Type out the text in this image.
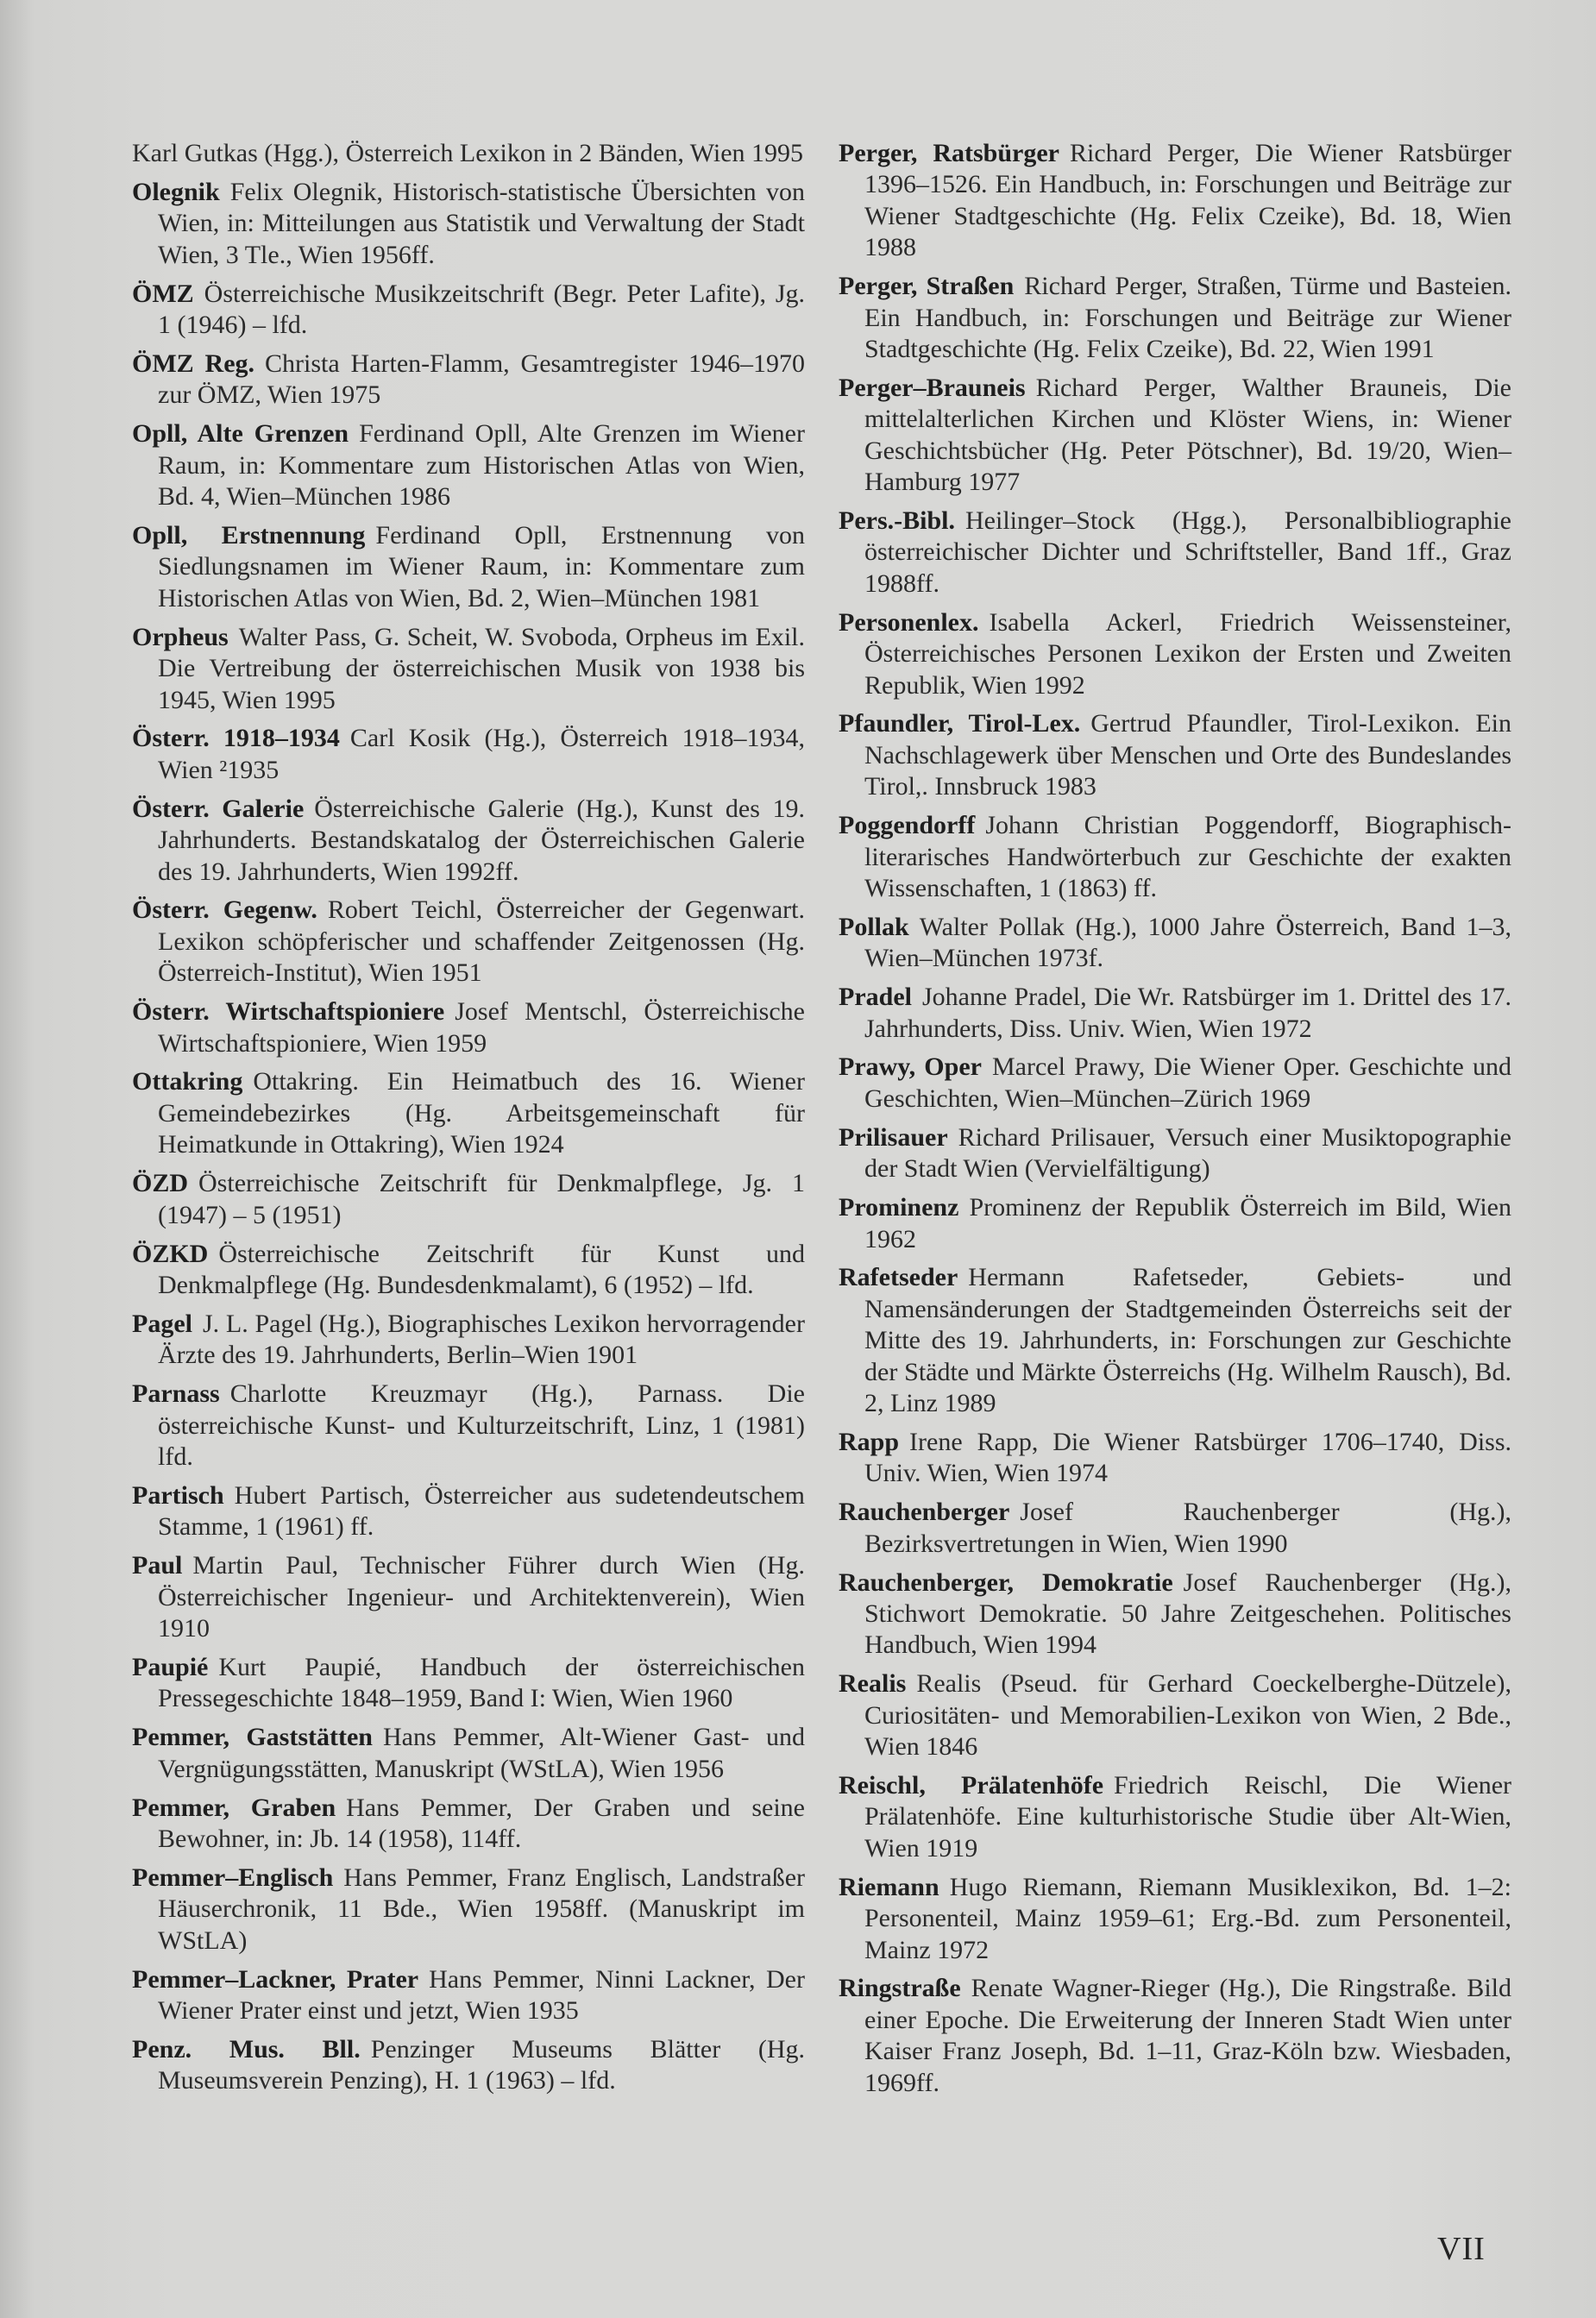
Karl Gutkas (Hgg.), Österreich Lexikon in 2 Bänden, Wien 1995

Olegnik Felix Olegnik, Historisch-statistische Übersichten von Wien, in: Mitteilungen aus Statistik und Verwaltung der Stadt Wien, 3 Tle., Wien 1956ff.

ÖMZ Österreichische Musikzeitschrift (Begr. Peter Lafite), Jg. 1 (1946) – lfd.

ÖMZ Reg. Christa Harten-Flamm, Gesamtregister 1946–1970 zur ÖMZ, Wien 1975

Opll, Alte Grenzen Ferdinand Opll, Alte Grenzen im Wiener Raum, in: Kommentare zum Historischen Atlas von Wien, Bd. 4, Wien–München 1986

Opll, Erstnennung Ferdinand Opll, Erstnennung von Siedlungsnamen im Wiener Raum, in: Kommentare zum Historischen Atlas von Wien, Bd. 2, Wien–München 1981

Orpheus Walter Pass, G. Scheit, W. Svoboda, Orpheus im Exil. Die Vertreibung der österreichischen Musik von 1938 bis 1945, Wien 1995

Österr. 1918–1934 Carl Kosik (Hg.), Österreich 1918–1934, Wien ²1935

Österr. Galerie Österreichische Galerie (Hg.), Kunst des 19. Jahrhunderts. Bestandskatalog der Österreichischen Galerie des 19. Jahrhunderts, Wien 1992ff.

Österr. Gegenw. Robert Teichl, Österreicher der Gegenwart. Lexikon schöpferischer und schaffender Zeitgenossen (Hg. Österreich-Institut), Wien 1951

Österr. Wirtschaftspioniere Josef Mentschl, Österreichische Wirtschaftspioniere, Wien 1959

Ottakring Ottakring. Ein Heimatbuch des 16. Wiener Gemeindebezirkes (Hg. Arbeitsgemeinschaft für Heimatkunde in Ottakring), Wien 1924

ÖZD Österreichische Zeitschrift für Denkmalpflege, Jg. 1 (1947) – 5 (1951)

ÖZKD Österreichische Zeitschrift für Kunst und Denkmalpflege (Hg. Bundesdenkmalamt), 6 (1952) – lfd.

Pagel J. L. Pagel (Hg.), Biographisches Lexikon hervorragender Ärzte des 19. Jahrhunderts, Berlin–Wien 1901

Parnass Charlotte Kreuzmayr (Hg.), Parnass. Die österreichische Kunst- und Kulturzeitschrift, Linz, 1 (1981) lfd.

Partisch Hubert Partisch, Österreicher aus sudetendeutschem Stamme, 1 (1961) ff.

Paul Martin Paul, Technischer Führer durch Wien (Hg. Österreichischer Ingenieur- und Architektenverein), Wien 1910

Paupié Kurt Paupié, Handbuch der österreichischen Pressegeschichte 1848–1959, Band I: Wien, Wien 1960

Pemmer, Gaststätten Hans Pemmer, Alt-Wiener Gast- und Vergnügungsstätten, Manuskript (WStLA), Wien 1956

Pemmer, Graben Hans Pemmer, Der Graben und seine Bewohner, in: Jb. 14 (1958), 114ff.

Pemmer–Englisch Hans Pemmer, Franz Englisch, Landstraßer Häuserchronik, 11 Bde., Wien 1958ff. (Manuskript im WStLA)

Pemmer–Lackner, Prater Hans Pemmer, Ninni Lackner, Der Wiener Prater einst und jetzt, Wien 1935

Penz. Mus. Bll. Penzinger Museums Blätter (Hg. Museumsverein Penzing), H. 1 (1963) – lfd.

Perger, Ratsbürger Richard Perger, Die Wiener Ratsbürger 1396–1526. Ein Handbuch, in: Forschungen und Beiträge zur Wiener Stadtgeschichte (Hg. Felix Czeike), Bd. 18, Wien 1988

Perger, Straßen Richard Perger, Straßen, Türme und Basteien. Ein Handbuch, in: Forschungen und Beiträge zur Wiener Stadtgeschichte (Hg. Felix Czeike), Bd. 22, Wien 1991

Perger–Brauneis Richard Perger, Walther Brauneis, Die mittelalterlichen Kirchen und Klöster Wiens, in: Wiener Geschichtsbücher (Hg. Peter Pötschner), Bd. 19/20, Wien–Hamburg 1977

Pers.-Bibl. Heilinger–Stock (Hgg.), Personalbibliographie österreichischer Dichter und Schriftsteller, Band 1ff., Graz 1988ff.

Personenlex. Isabella Ackerl, Friedrich Weissensteiner, Österreichisches Personen Lexikon der Ersten und Zweiten Republik, Wien 1992

Pfaundler, Tirol-Lex. Gertrud Pfaundler, Tirol-Lexikon. Ein Nachschlagewerk über Menschen und Orte des Bundeslandes Tirol,. Innsbruck 1983

Poggendorff Johann Christian Poggendorff, Biographisch-literarisches Handwörterbuch zur Geschichte der exakten Wissenschaften, 1 (1863) ff.

Pollak Walter Pollak (Hg.), 1000 Jahre Österreich, Band 1–3, Wien–München 1973f.

Pradel Johanne Pradel, Die Wr. Ratsbürger im 1. Drittel des 17. Jahrhunderts, Diss. Univ. Wien, Wien 1972

Prawy, Oper Marcel Prawy, Die Wiener Oper. Geschichte und Geschichten, Wien–München–Zürich 1969

Prilisauer Richard Prilisauer, Versuch einer Musiktopographie der Stadt Wien (Vervielfältigung)

Prominenz Prominenz der Republik Österreich im Bild, Wien 1962

Rafetseder Hermann Rafetseder, Gebiets- und Namensänderungen der Stadtgemeinden Österreichs seit der Mitte des 19. Jahrhunderts, in: Forschungen zur Geschichte der Städte und Märkte Österreichs (Hg. Wilhelm Rausch), Bd. 2, Linz 1989

Rapp Irene Rapp, Die Wiener Ratsbürger 1706–1740, Diss. Univ. Wien, Wien 1974

Rauchenberger Josef Rauchenberger (Hg.), Bezirksvertretungen in Wien, Wien 1990

Rauchenberger, Demokratie Josef Rauchenberger (Hg.), Stichwort Demokratie. 50 Jahre Zeitgeschehen. Politisches Handbuch, Wien 1994

Realis Realis (Pseud. für Gerhard Coeckelberghe-Dützele), Curiositäten- und Memorabilien-Lexikon von Wien, 2 Bde., Wien 1846

Reischl, Prälatenhöfe Friedrich Reischl, Die Wiener Prälatenhöfe. Eine kulturhistorische Studie über Alt-Wien, Wien 1919

Riemann Hugo Riemann, Riemann Musiklexikon, Bd. 1–2: Personenteil, Mainz 1959–61; Erg.-Bd. zum Personenteil, Mainz 1972

Ringstraße Renate Wagner-Rieger (Hg.), Die Ringstraße. Bild einer Epoche. Die Erweiterung der Inneren Stadt Wien unter Kaiser Franz Joseph, Bd. 1–11, Graz-Köln bzw. Wiesbaden, 1969ff.

VII
